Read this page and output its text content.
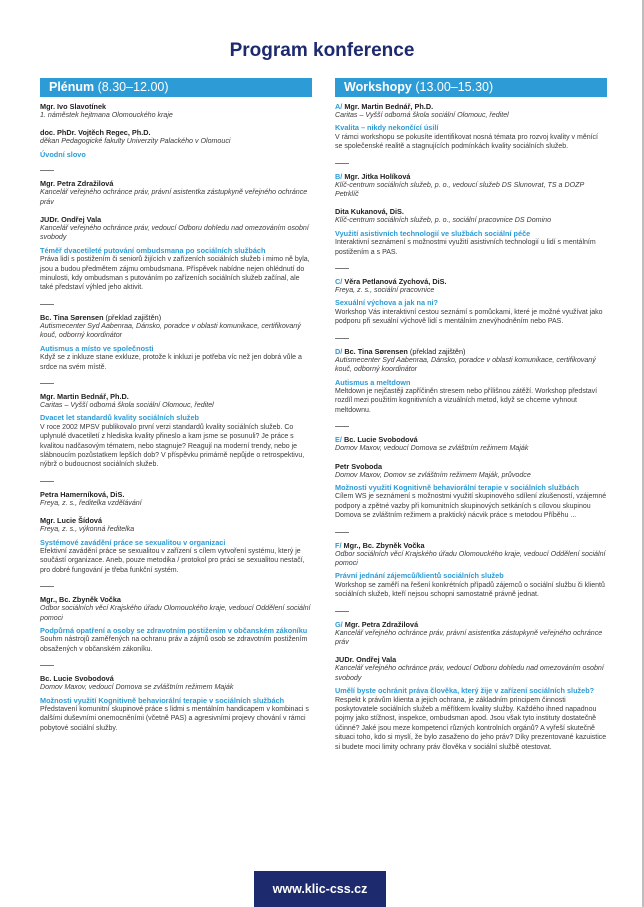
Program konference
Plénum (8.30–12.00)
Mgr. Ivo Slavotínek
1. náměstek hejtmana Olomouckého kraje
doc. PhDr. Vojtěch Regec, Ph.D.
děkan Pedagogické fakulty Univerzity Palackého v Olomouci
Úvodní slovo
Mgr. Petra Zdražilová
Kancelář veřejného ochránce práv, právní asistentka zástupkyně veřejného ochránce práv
JUDr. Ondřej Vala
Kancelář veřejného ochránce práv, vedoucí Odboru dohledu nad omezováním osobní svobody
Téměř dvacetileté putování ombudsmana po sociálních službách
Práva lidí s postižením či seniorů žijících v zařízeních sociálních služeb i mimo ně byla, jsou a budou předmětem zájmu ombudsmana. Příspěvek nabídne nejen ohlédnutí do minulosti, kdy ombudsman s putováním po zařízeních sociálních služeb začínal, ale také představí výhled jeho aktivit.
Bc. Tina Sørensen (překlad zajištěn)
Autismecenter Syd Aabenraa, Dánsko, poradce v oblasti komunikace, certifikovaný kouč, odborný koordinátor
Autismus a místo ve společnosti
Když se z inkluze stane exkluze, protože k inkluzi je potřeba víc než jen dobrá vůle a srdce na svém místě.
Mgr. Martin Bednář, Ph.D.
Caritas – Vyšší odborná škola sociální Olomouc, ředitel
Dvacet let standardů kvality sociálních služeb
V roce 2002 MPSV publikovalo první verzi standardů kvality sociálních služeb. Co uplynulé dvacetiletí z hlediska kvality přineslo a kam jsme se posunuli? Je práce s kvalitou nadčasovým tématem, nebo stagnuje? Reagují na moderní trendy, nebo je slábnoucím pozůstatkem lepších dob? V příspěvku primárně nepůjde o retrospektivu, nýbrž o budoucnost sociálních služeb.
Petra Hamerníková, DiS.
Freya, z. s., ředitelka vzdělávání
Mgr. Lucie Šídová
Freya, z. s., výkonná ředitelka
Systémové zavádění práce se sexualitou v organizaci
Efektivní zavádění práce se sexualitou v zařízení s cílem vytvoření systému, který je součástí organizace. Aneb, pouze metodika / protokol pro práci se sexualitou nestačí, pro dobré fungování je třeba funkční systém.
Mgr., Bc. Zbyněk Vočka
Odbor sociálních věcí Krajského úřadu Olomouckého kraje, vedoucí Oddělení sociální pomoci
Podpůrná opatření a osoby se zdravotním postižením v občanském zákoníku
Souhrn nástrojů zaměřených na ochranu práv a zájmů osob se zdravotním postižením obsažených v občanském zákoníku.
Bc. Lucie Svobodová
Domov Maxov, vedoucí Domova se zvláštním režimem Maják
Možnosti využití Kognitivně behaviorální terapie v sociálních službách
Představení komunitní skupinové práce s lidmi s mentálním handicapem v kombinaci s dalšími duševními onemocněními (včetně PAS) a agresivními projevy chování v rámci pobytové sociální služby.
Workshopy (13.00–15.30)
A/ Mgr. Martin Bednář, Ph.D.
Caritas – Vyšší odborná škola sociální Olomouc, ředitel
Kvalita – nikdy nekončící úsilí
V rámci workshopu se pokusíte identifikovat nosná témata pro rozvoj kvality v měnící se společenské realitě a stagnujících podmínkách kvality sociálních služeb.
B/ Mgr. Jitka Holíková
Klíč-centrum sociálních služeb, p. o., vedoucí služeb DS Slunovrat, TS a DOZP Petrklíč
Dita Kukanová, DiS.
Klíč-centrum sociálních služeb, p. o., sociální pracovnice DS Domino
Využití asistivních technologií ve službách sociální péče
Interaktivní seznámení s možnostmi využití asistivních technologií u lidí s mentálním postižením a s PAS.
C/ Věra Petlanová Zychová, DiS.
Freya, z. s., sociální pracovnice
Sexuální výchova a jak na ni?
Workshop Vás interaktivní cestou seznámí s pomůckami, které je možné využívat jako podporu při sexuální výchově lidí s mentálním znevýhodněním nebo PAS.
D/ Bc. Tina Sørensen (překlad zajištěn)
Autismecenter Syd Aabenraa, Dánsko, poradce v oblasti komunikace, certifikovaný kouč, odborný koordinátor
Autismus a meltdown
Meltdown je nejčastěji zapříčiněn stresem nebo přílišnou zátěží. Workshop představí rozdíl mezi použitím kognitivních a vizuálních metod, když se chceme vyhnout meltdownu.
E/ Bc. Lucie Svobodová
Domov Maxov, vedoucí Domova se zvláštním režimem Maják
Petr Svoboda
Domov Maxov, Domov se zvláštním režimem Maják, průvodce
Možnosti využití Kognitivně behaviorální terapie v sociálních službách
Cílem WS je seznámení s možnostmi využití skupinového sdílení zkušeností, vzájemné podpory a zpětné vazby při komunitních skupinových setkáních s cílovou skupinou Domova se zvláštním režimem a praktický nácvik práce s metodou Příběhu ...
F/ Mgr., Bc. Zbyněk Vočka
Odbor sociálních věcí Krajského úřadu Olomouckého kraje, vedoucí Oddělení sociální pomoci
Právní jednání zájemců/klientů sociálních služeb
Workshop se zaměří na řešení konkrétních případů zájemců o sociální službu či klientů sociálních služeb, kteří nejsou schopni samostatně právně jednat.
G/ Mgr. Petra Zdražilová
Kancelář veřejného ochránce práv, právní asistentka zástupkyně veřejného ochránce práv
JUDr. Ondřej Vala
Kancelář veřejného ochránce práv, vedoucí Odboru dohledu nad omezováním osobní svobody
Umělí byste ochránit práva člověka, který žije v zařízení sociálních služeb?
Respekt k právům klienta a jejich ochrana, je základním principem činnosti poskytovatele sociálních služeb a měřítkem kvality služby. Každého ihned napadnou pojmy jako stížnost, inspekce, ombudsman apod. Jsou však tyto instituty dostatečně účinné? Jaké jsou meze kompetencí různých kontrolních orgánů? A vyřeší skutečně situaci toho, kdo si myslí, že bylo zasaženo do jeho práv? Díky prezentované kazuistice si budete moci limity ochrany práv člověka v sociální službě otestovat.
www.klic-css.cz
